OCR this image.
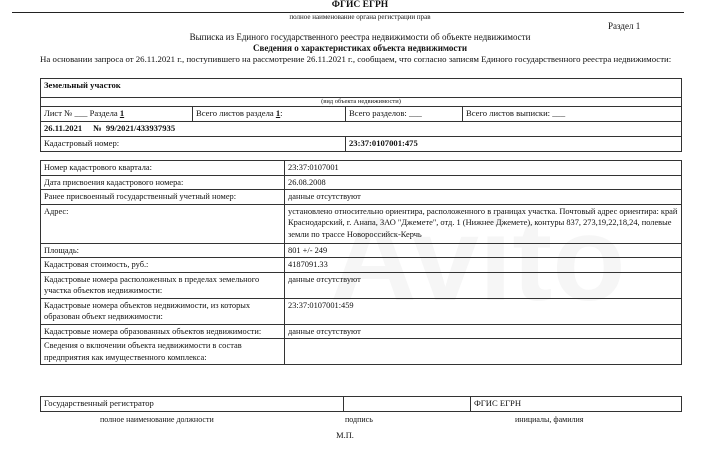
ФГИС ЕГРН
полное наименование органа регистрации прав
Раздел 1
Выписка из Единого государственного реестра недвижимости об объекте недвижимости
Сведения о характеристиках объекта недвижимости
На основании запроса от 26.11.2021 г., поступившего на рассмотрение 26.11.2021 г., сообщаем, что согласно записям Единого государственного реестра недвижимости:
Земельный участок			
(вид объекта недвижимости)			
Лист № ___ Раздела 1	Всего листов раздела 1:	Всего разделов: ___	Всего листов выписки: ___
26.11.2021 № 99/2021/433937935			
Кадастровый номер:		23:37:0107001:475	
Номер кадастрового квартала:	23:37:0107001
Дата присвоения кадастрового номера:	26.08.2008
Ранее присвоенный государственный учетный номер:	данные отсутствуют
Адрес:	установлено относительно ориентира, расположенного в границах участка. Почтовый адрес ориентира: край Краснодарский, г. Анапа, ЗАО "Джемете", отд. 1 (Нижнее Джемете), контуры 837, 273,19,22,18,24, полевые земли по трассе Новороссийск-Керчь
Площадь:	801 +/- 249
Кадастровая стоимость, руб.:	4187091.33
Кадастровые номера расположенных в пределах земельного участка объектов недвижимости:	данные отсутствуют
Кадастровые номера объектов недвижимости, из которых образован объект недвижимости:	23:37:0107001:459
Кадастровые номера образованных объектов недвижимости:	данные отсутствуют
Сведения о включении объекта недвижимости в состав предприятия как имущественного комплекса:	
Государственный регистратор		ФГИС ЕГРН
полное наименование должности	подпись	инициалы, фамилия
М.П.
